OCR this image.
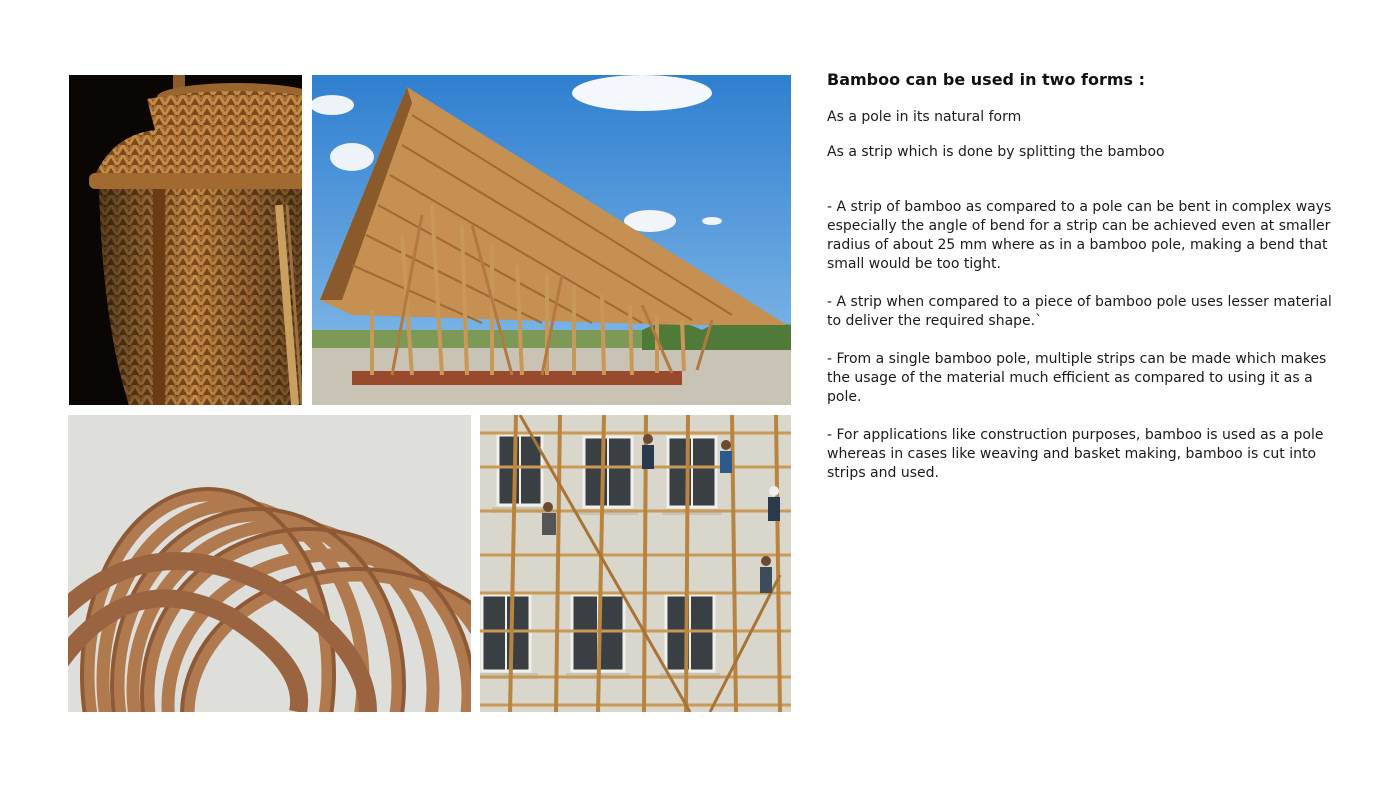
Bamboo can be used in two forms :

As a pole in its natural form

As a strip which is done by splitting the bamboo

- A strip of bamboo as compared to a pole can be bent in complex ways especially the angle of bend for a strip can be achieved even at smaller radius of about 25 mm where as in a bamboo pole, making a bend that small would be too tight.

- A strip when compared to a piece of bamboo pole uses lesser material to deliver the required shape.`

- From a single bamboo pole, multiple strips can be made which makes the usage of the material much efficient as compared to using it as a pole.

- For applications like construction purposes, bamboo is used as a pole whereas in cases like weaving and basket making, bamboo is cut into strips and used.
